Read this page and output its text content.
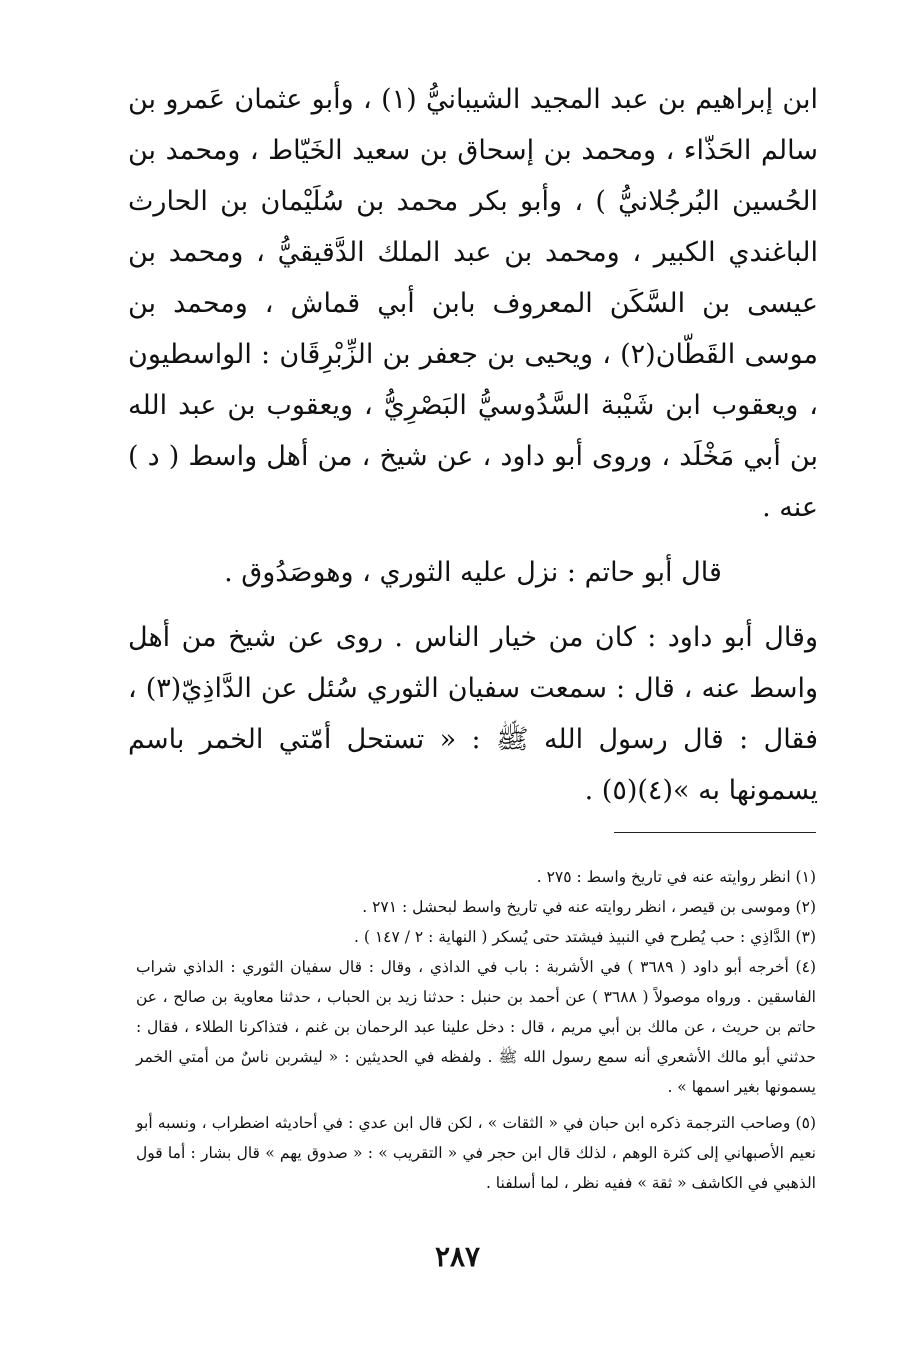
ابن إبراهيم بن عبد المجيد الشيبانيُّ (١) ، وأبو عثمان عَمرو بن سالم الحَذّاء ، ومحمد بن إسحاق بن سعيد الخَيّاط ، ومحمد بن الحُسين البُرجُلانيُّ ) ، وأبو بكر محمد بن سُلَيْمان بن الحارث الباغندي الكبير ، ومحمد بن عبد الملك الدَّقيقيُّ ، ومحمد بن عيسى بن السَّكَن المعروف بابن أبي قماش ، ومحمد بن موسى القَطّان(٢) ، ويحيى بن جعفر بن الزِّبْرِقَان : الواسطيون ، ويعقوب ابن شَيْبة السَّدُوسيُّ البَصْرِيُّ ، ويعقوب بن عبد الله بن أبي مَخْلَد ، وروى أبو داود ، عن شيخ ، من أهل واسط ( د ) عنه .

قال أبو حاتم : نزل عليه الثوري ، وهوصَدُوق .

وقال أبو داود : كان من خيار الناس . روى عن شيخ من أهل واسط عنه ، قال : سمعت سفيان الثوري سُئل عن الدَّاذِيّ(٣) ، فقال : قال رسول الله ﷺ : « تستحل أمّتي الخمر باسم يسمونها به »(٤)(٥) .

(١) انظر روايته عنه في تاريخ واسط : ٢٧٥ .

(٢) وموسى بن قيصر ، انظر روايته عنه في تاريخ واسط لبحشل : ٢٧١ .

(٣) الدَّاذِي : حب يُطرح في النبيذ فيشتد حتى يُسكر ( النهاية : ٢ / ١٤٧ ) .

(٤) أخرجه أبو داود ( ٣٦٨٩ ) في الأشربة : باب في الداذي ، وقال : قال سفيان الثوري : الداذي شراب الفاسقين . ورواه موصولاً ( ٣٦٨٨ ) عن أحمد بن حنبل : حدثنا زيد بن الحباب ، حدثنا معاوية بن صالح ، عن حاتم بن حريث ، عن مالك بن أبي مريم ، قال : دخل علينا عبد الرحمان بن غنم ، فتذاكرنا الطلاء ، فقال : حدثني أبو مالك الأشعري أنه سمع رسول الله ﷺ . ولفظه في الحديثين : « ليشربن ناسٌ من أمتي الخمر يسمونها بغير اسمها » .

(٥) وصاحب الترجمة ذكره ابن حبان في « الثقات » ، لكن قال ابن عدي : في أحاديثه اضطراب ، ونسبه أبو نعيم الأصبهاني إلى كثرة الوهم ، لذلك قال ابن حجر في « التقريب » : « صدوق يهم » قال بشار : أما قول الذهبي في الكاشف « ثقة » ففيه نظر ، لما أسلفنا .

٢٨٧
